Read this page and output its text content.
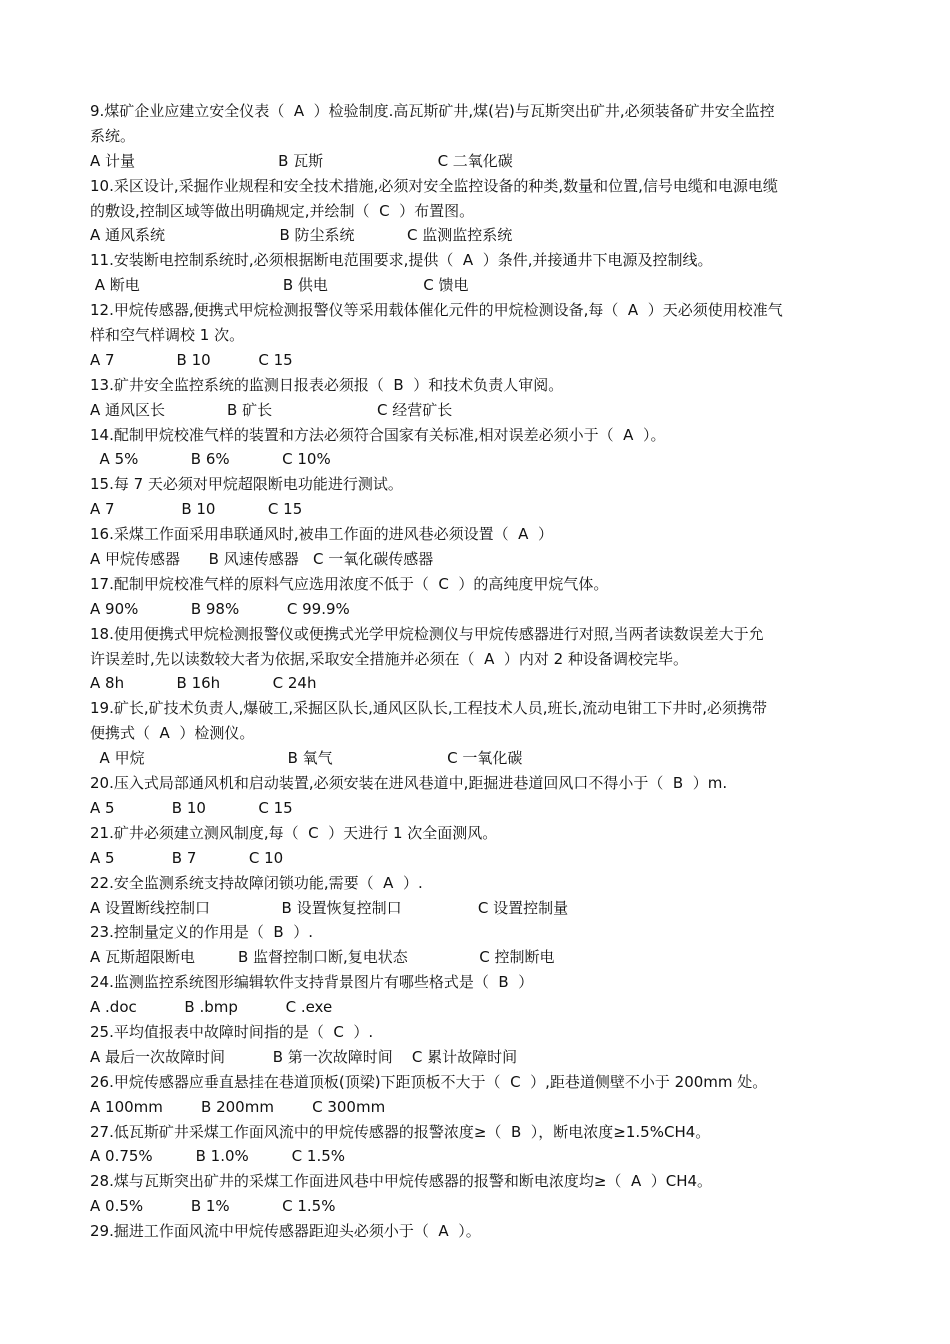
9.煤矿企业应建立安全仪表（  A  ）检验制度.高瓦斯矿井,煤(岩)与瓦斯突出矿井,必须装备矿井安全监控
系统。
A 计量                              B 瓦斯                        C 二氧化碳
10.采区设计,采掘作业规程和安全技术措施,必须对安全监控设备的种类,数量和位置,信号电缆和电源电缆
的敷设,控制区域等做出明确规定,并绘制（  C  ）布置图。
A 通风系统                        B 防尘系统           C 监测监控系统
11.安装断电控制系统时,必须根据断电范围要求,提供（  A  ）条件,并接通井下电源及控制线。
A 断电                              B 供电                    C 馈电
12.甲烷传感器,便携式甲烷检测报警仪等采用载体催化元件的甲烷检测设备,每（  A  ）天必须使用校准气
样和空气样调校 1 次。
A 7             B 10          C 15
13.矿井安全监控系统的监测日报表必须报（  B  ）和技术负责人审阅。
A 通风区长             B 矿长                      C 经营矿长
14.配制甲烷校准气样的装置和方法必须符合国家有关标准,相对误差必须小于（  A  ）。
A 5%           B 6%           C 10%
15.每 7 天必须对甲烷超限断电功能进行测试。
A 7              B 10           C 15
16.采煤工作面采用串联通风时,被串工作面的进风巷必须设置（  A  ）
A 甲烷传感器      B 风速传感器   C 一氧化碳传感器
17.配制甲烷校准气样的原料气应选用浓度不低于（  C  ）的高纯度甲烷气体。
A 90%           B 98%          C 99.9%
18.使用便携式甲烷检测报警仪或便携式光学甲烷检测仪与甲烷传感器进行对照,当两者读数误差大于允
许误差时,先以读数较大者为依据,采取安全措施并必须在（  A  ）内对 2 种设备调校完毕。
A 8h           B 16h           C 24h
19.矿长,矿技术负责人,爆破工,采掘区队长,通风区队长,工程技术人员,班长,流动电钳工下井时,必须携带
便携式（  A  ）检测仪。
A 甲烷                              B 氧气                        C 一氧化碳
20.压入式局部通风机和启动装置,必须安装在进风巷道中,距掘进巷道回风口不得小于（  B  ）m.
A 5            B 10           C 15
21.矿井必须建立测风制度,每（  C  ）天进行 1 次全面测风。
A 5            B 7           C 10
22.安全监测系统支持故障闭锁功能,需要（  A  ）.
A 设置断线控制口               B 设置恢复控制口                C 设置控制量
23.控制量定义的作用是（  B  ）.
A 瓦斯超限断电         B 监督控制口断,复电状态               C 控制断电
24.监测监控系统图形编辑软件支持背景图片有哪些格式是（  B  ）
A .doc          B .bmp          C .exe
25.平均值报表中故障时间指的是（  C  ）.
A 最后一次故障时间          B 第一次故障时间    C 累计故障时间
26.甲烷传感器应垂直悬挂在巷道顶板(顶梁)下距顶板不大于（  C  ）,距巷道侧壁不小于 200mm 处。
A 100mm        B 200mm        C 300mm
27.低瓦斯矿井采煤工作面风流中的甲烷传感器的报警浓度≥（  B  ），断电浓度≥1.5%CH4。
A 0.75%         B 1.0%         C 1.5%
28.煤与瓦斯突出矿井的采煤工作面进风巷中甲烷传感器的报警和断电浓度均≥（  A  ）CH4。
A 0.5%          B 1%           C 1.5%
29.掘进工作面风流中甲烷传感器距迎头必须小于（  A  ）。
